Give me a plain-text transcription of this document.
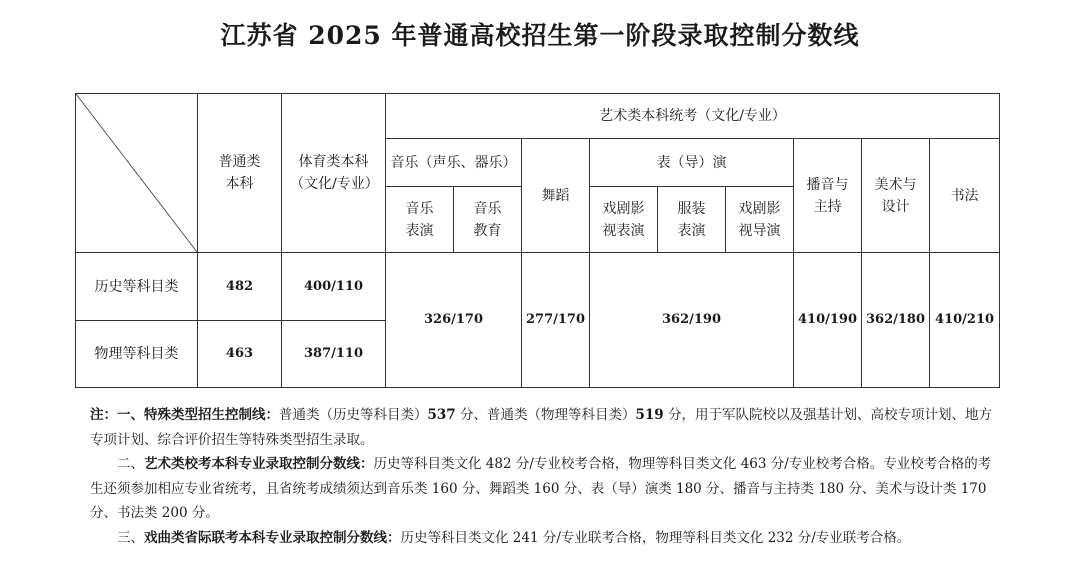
江苏省 2025 年普通高校招生第一阶段录取控制分数线

普通类本科	体育类本科（文化/专业）	艺术类本科统考（文化/专业）								
			音乐（声乐、器乐）		舞蹈	表（导）演			播音与主持	美术与设计	书法

			音乐表演	音乐教育		戏剧影视表演	服装表演	戏剧影视导演			

历史等科目类	482	400/110	326/170		277/170	362/190			410/190	362/180	410/210
物理等科目类	463	387/110									

注：一、特殊类型招生控制线：普通类（历史等科目类）537 分、普通类（物理等科目类）519 分，用于军队院校以及强基计划、高校专项计划、地方专项计划、综合评价招生等特殊类型招生录取。

二、艺术类校考本科专业录取控制分数线：历史等科目类文化 482 分/专业校考合格，物理等科目类文化 463 分/专业校考合格。专业校考合格的考生还须参加相应专业省统考，且省统考成绩须达到音乐类 160 分、舞蹈类 160 分、表（导）演类 180 分、播音与主持类 180 分、美术与设计类 170 分、书法类 200 分。

三、戏曲类省际联考本科专业录取控制分数线：历史等科目类文化 241 分/专业联考合格，物理等科目类文化 232 分/专业联考合格。
